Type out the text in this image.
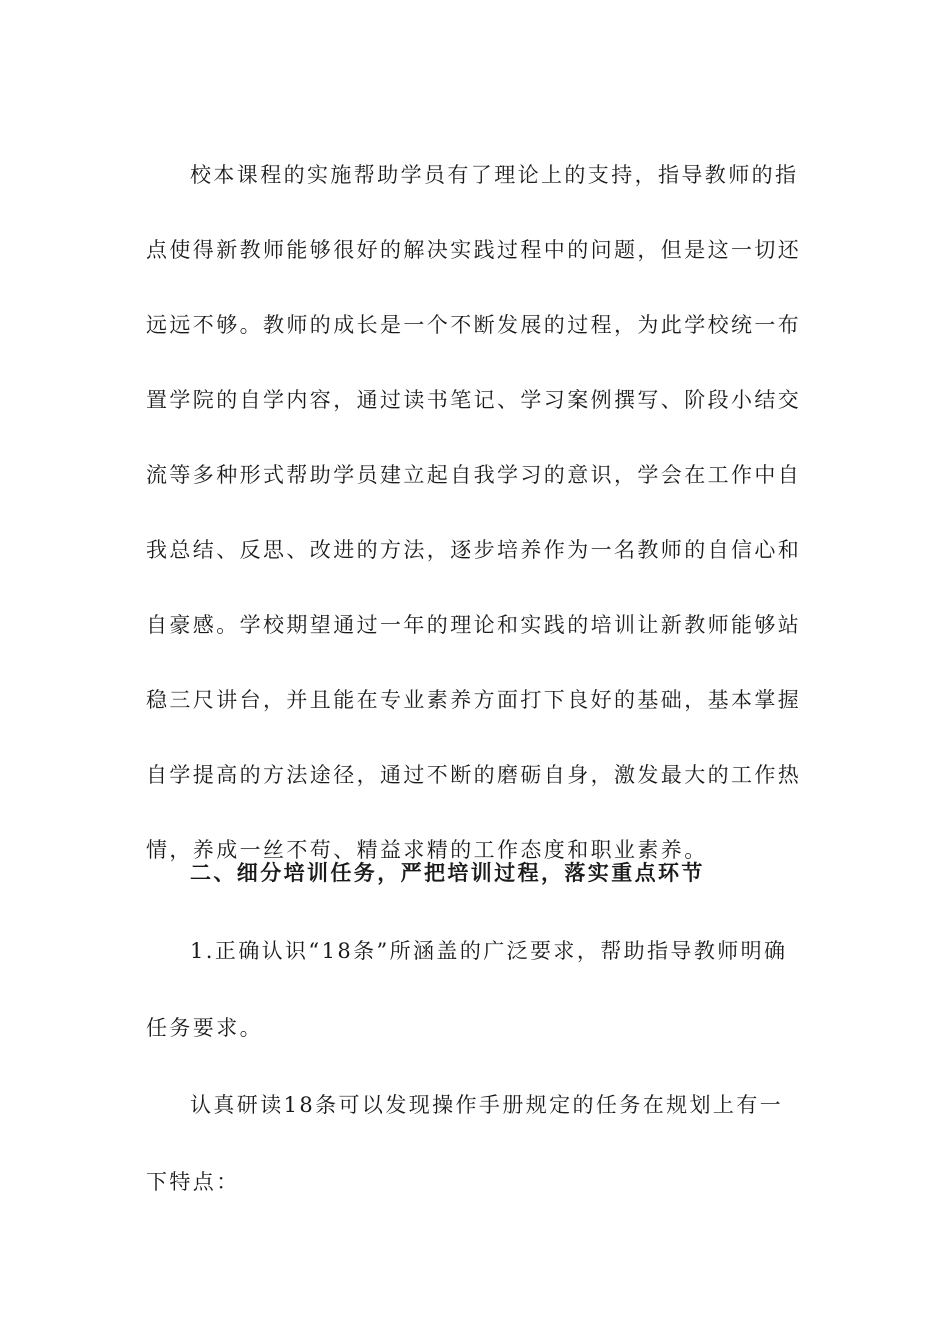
校本课程的实施帮助学员有了理论上的支持，指导教师的指点使得新教师能够很好的解决实践过程中的问题，但是这一切还远远不够。教师的成长是一个不断发展的过程，为此学校统一布置学院的自学内容，通过读书笔记、学习案例撰写、阶段小结交流等多种形式帮助学员建立起自我学习的意识，学会在工作中自我总结、反思、改进的方法，逐步培养作为一名教师的自信心和自豪感。学校期望通过一年的理论和实践的培训让新教师能够站稳三尺讲台，并且能在专业素养方面打下良好的基础，基本掌握自学提高的方法途径，通过不断的磨砺自身，激发最大的工作热情，养成一丝不苟、精益求精的工作态度和职业素养。

二、细分培训任务，严把培训过程，落实重点环节

1.正确认识“18条”所涵盖的广泛要求，帮助指导教师明确任务要求。

认真研读18条可以发现操作手册规定的任务在规划上有一下特点：
